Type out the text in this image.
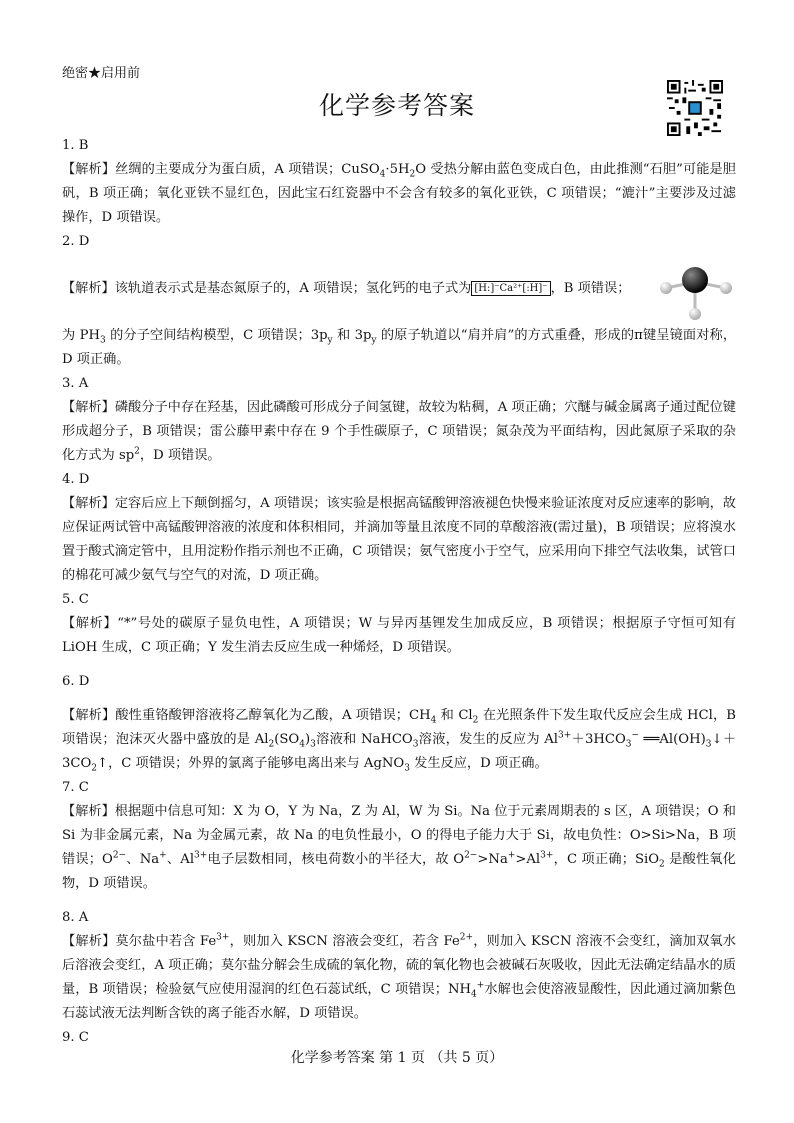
绝密★启用前
化学参考答案

1. B

【解析】丝绸的主要成分为蛋白质，A 项错误；$CuSO_4\cdot 5H_2O$ 受热分解由蓝色变成白色，由此推测“石胆”可能是胆矾，B 项正确；氧化亚铁不显红色，因此宝石红瓷器中不会含有较多的氧化亚铁，C 项错误；“漉汁”主要涉及过滤操作，D 项错误。

2. D

【解析】该轨道表示式是基态氮原子的，A 项错误；氢化钙的电子式为 [H:]⁻Ca²⁺[:H]⁻ ，B 项错误；

为 $PH_3$ 的分子空间结构模型，C 项错误；$3p_y$ 和 $3p_y$ 的原子轨道以“肩并肩”的方式重叠，形成的π键呈镜面对称，D 项正确。

3. A

【解析】磷酸分子中存在羟基，因此磷酸可形成分子间氢键，故较为粘稠，A 项正确；穴醚与碱金属离子通过配位键形成超分子，B 项错误；雷公藤甲素中存在 9 个手性碳原子，C 项错误；氮杂茂为平面结构，因此氮原子采取的杂化方式为 $sp^2$，D 项错误。

4. D

【解析】定容后应上下颠倒摇匀，A 项错误；该实验是根据高锰酸钾溶液褪色快慢来验证浓度对反应速率的影响，故应保证两试管中高锰酸钾溶液的浓度和体积相同，并滴加等量且浓度不同的草酸溶液(需过量)，B 项错误；应将溴水置于酸式滴定管中，且用淀粉作指示剂也不正确，C 项错误；氨气密度小于空气，应采用向下排空气法收集，试管口的棉花可减少氨气与空气的对流，D 项正确。

5. C

【解析】“*”号处的碳原子显负电性，A 项错误；W 与异丙基锂发生加成反应，B 项错误；根据原子守恒可知有 LiOH 生成，C 项正确；Y 发生消去反应生成一种烯烃，D 项错误。

6. D

【解析】酸性重铬酸钾溶液将乙醇氧化为乙酸，A 项错误；$CH_4$ 和 $Cl_2$ 在光照条件下发生取代反应会生成 HCl，B 项错误；泡沫灭火器中盛放的是 $Al_2(SO_4)_3$溶液和 NaHCO$_3$溶液，发生的反应为 $Al^{3+}+3HCO_3^-$ $══Al(OH)_3↓+3CO_2↑$，C 项错误；外界的氯离子能够电离出来与 AgNO$_3$ 发生反应，D 项正确。

7. C

【解析】根据题中信息可知：X 为 O，Y 为 Na，Z 为 Al，W 为 Si。Na 位于元素周期表的 s 区，A 项错误；O 和 Si 为非金属元素，Na 为金属元素，故 Na 的电负性最小，O 的得电子能力大于 Si，故电负性：O>Si>Na，B 项错误；$O^{2-}$、Na+、$Al^{3+}$电子层数相同，核电荷数小的半径大，故 $O^{2-}>Na^+>Al^{3+}$，C 项正确；SiO$_2$ 是酸性氧化物，D 项错误。

8. A

【解析】莫尔盐中若含 $Fe^{3+}$，则加入 KSCN 溶液会变红，若含 $Fe^{2+}$，则加入 KSCN 溶液不会变红，滴加双氧水后溶液会变红，A 项正确；莫尔盐分解会生成硫的氧化物，硫的氧化物也会被碱石灰吸收，因此无法确定结晶水的质量，B 项错误；检验氨气应使用湿润的红色石蕊试纸，C 项错误；$NH_4^+$水解也会使溶液显酸性，因此通过滴加紫色石蕊试液无法判断含铁的离子能否水解，D 项错误。

9. C

化学参考答案 第 1 页 （共 5 页）
